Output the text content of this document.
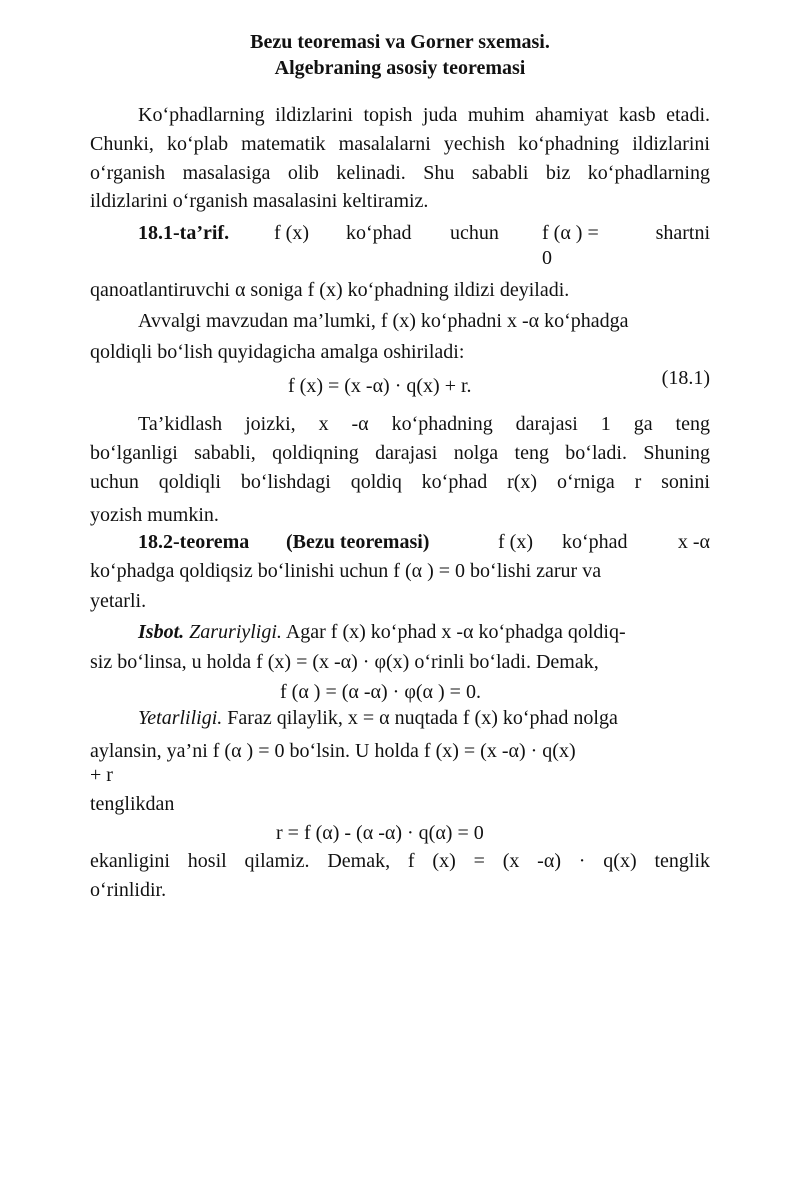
Bezu teoremasi va Gorner sxemasi.
Algebraning asosiy teoremasi
Ko‘phadlarning ildizlarini topish juda muhim ahamiyat kasb etadi.
Chunki, ko‘plab matematik masalalarni yechish ko‘phadning ildizlarini
o‘rganish masalasiga olib kelinadi. Shu sababli biz ko‘phadlarning
ildizlarini o‘rganish masalasini keltiramiz.
18.1-ta’rif. f (x) ko‘phad uchun f (α ) =
0
shartni
qanoatlantiruvchi α soniga f (x) ko‘phadning ildizi deyiladi.
Avvalgi mavzudan ma’lumki, f (x) ko‘phadni x -α ko‘phadga
qoldiqli bo‘lish quyidagicha amalga oshiriladi:
f (x) = (x -α) · q(x) + r.	(18.1)
Ta’kidlash joizki, x -α ko‘phadning darajasi 1 ga teng
bo‘lganligi sababli, qoldiqning darajasi nolga teng bo‘ladi. Shuning
uchun qoldiqli bo‘lishdagi qoldiq ko‘phad r(x) o‘rniga r sonini
yozish mumkin.
18.2-teorema (Bezu teoremasi)	f (x) ko‘phad	x -α
ko‘phadga qoldiqsiz bo‘linishi uchun f (α ) = 0 bo‘lishi zarur va
yetarli.
Isbot. Zaruriyligi. Agar f (x) ko‘phad x -α ko‘phadga qoldiq-
siz bo‘linsa, u holda f (x) = (x -α) · φ(x) o‘rinli bo‘ladi. Demak,
f (α ) = (α -α) · φ(α ) = 0.
Yetarliligi. Faraz qilaylik, x = α nuqtada f (x) ko‘phad nolga
aylansin, ya’ni f (α ) = 0 bo‘lsin. U holda f (x) = (x -α) · q(x)
+ r
tenglikdan
r = f (α) - (α -α) · q(α) = 0
ekanligini hosil qilamiz. Demak, f (x) = (x -α) · q(x) tenglik
o‘rinlidir.
